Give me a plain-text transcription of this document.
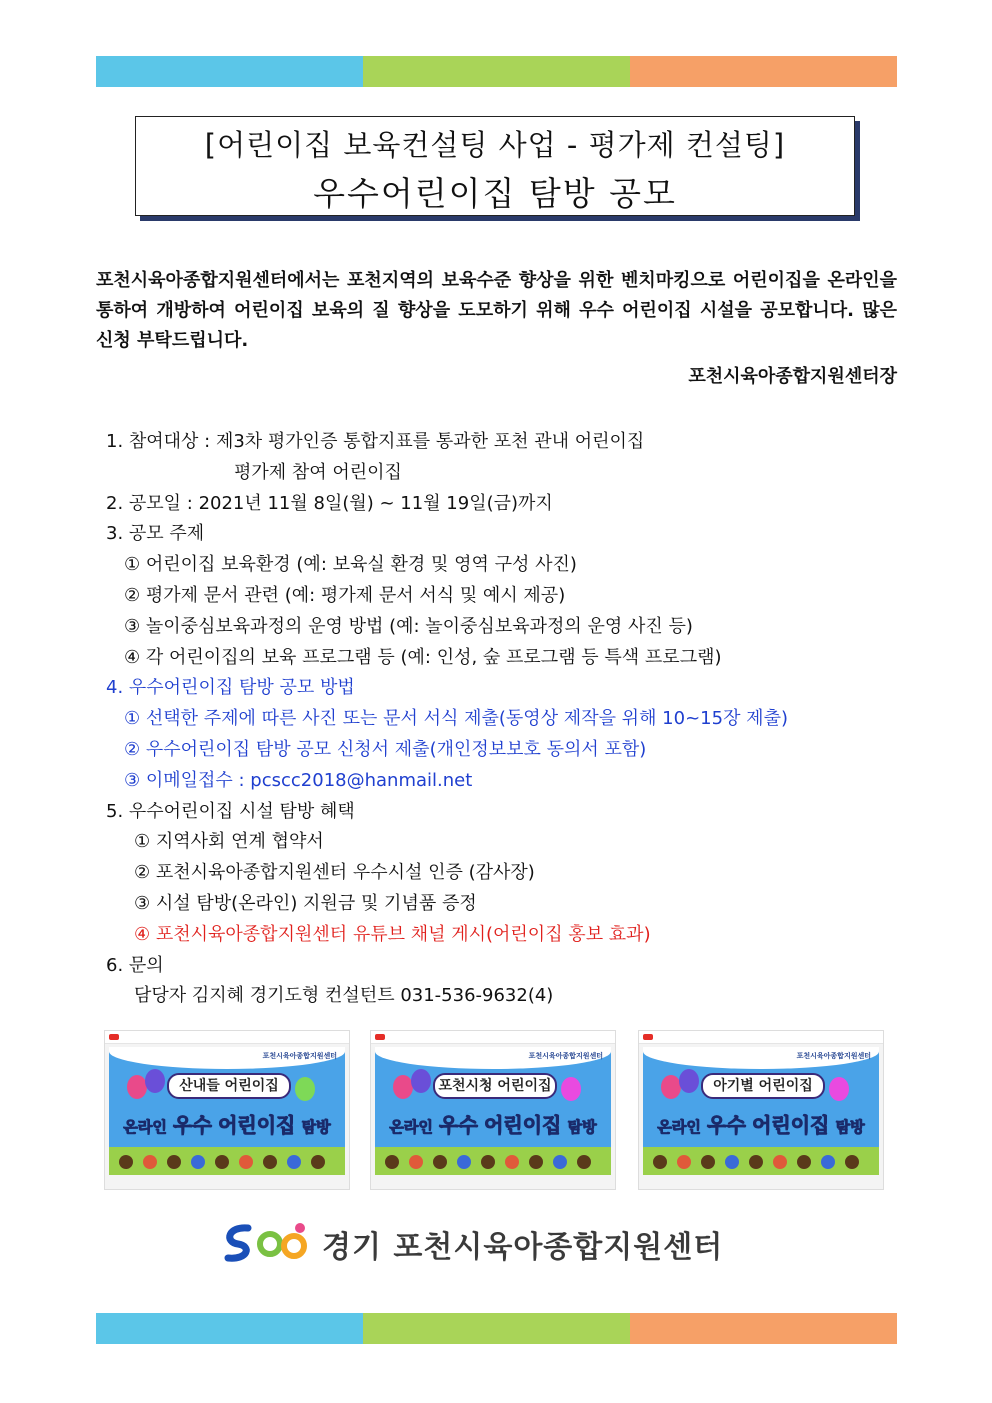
[어린이집 보육컨설팅 사업 - 평가제 컨설팅]
우수어린이집 탐방 공모
포천시육아종합지원센터에서는 포천지역의 보육수준 향상을 위한 벤치마킹으로 어린이집을 온라인을 통하여 개방하여 어린이집 보육의 질 향상을 도모하기 위해 우수 어린이집 시설을 공모합니다. 많은 신청 부탁드립니다.
포천시육아종합지원센터장
1. 참여대상 : 제3차 평가인증 통합지표를 통과한 포천 관내 어린이집
평가제 참여 어린이집
2. 공모일 : 2021년 11월 8일(월) ~ 11월 19일(금)까지
3. 공모 주제
① 어린이집 보육환경 (예: 보육실 환경 및 영역 구성 사진)
② 평가제 문서 관련 (예: 평가제 문서 서식 및 예시 제공)
③ 놀이중심보육과정의 운영 방법 (예: 놀이중심보육과정의 운영 사진 등)
④ 각 어린이집의 보육 프로그램 등 (예: 인성, 숲 프로그램 등 특색 프로그램)
4. 우수어린이집 탐방 공모 방법
① 선택한 주제에 따른 사진 또는 문서 서식 제출(동영상 제작을 위해 10~15장 제출)
② 우수어린이집 탐방 공모 신청서 제출(개인정보보호 동의서 포함)
③ 이메일접수 : pcscc2018@hanmail.net
5. 우수어린이집 시설 탐방 혜택
① 지역사회 연계 협약서
② 포천시육아종합지원센터 우수시설 인증 (감사장)
③ 시설 탐방(온라인) 지원금 및 기념품 증정
④ 포천시육아종합지원센터 유튜브 채널 게시(어린이집 홍보 효과)
6. 문의
담당자 김지혜 경기도형 컨설턴트 031-536-9632(4)
포천시육아종합지원센터
산내들 어린이집
온라인 우수 어린이집 탐방
포천시육아종합지원센터
포천시청 어린이집
온라인 우수 어린이집 탐방
포천시육아종합지원센터
아기별 어린이집
온라인 우수 어린이집 탐방
경기 포천시육아종합지원센터
